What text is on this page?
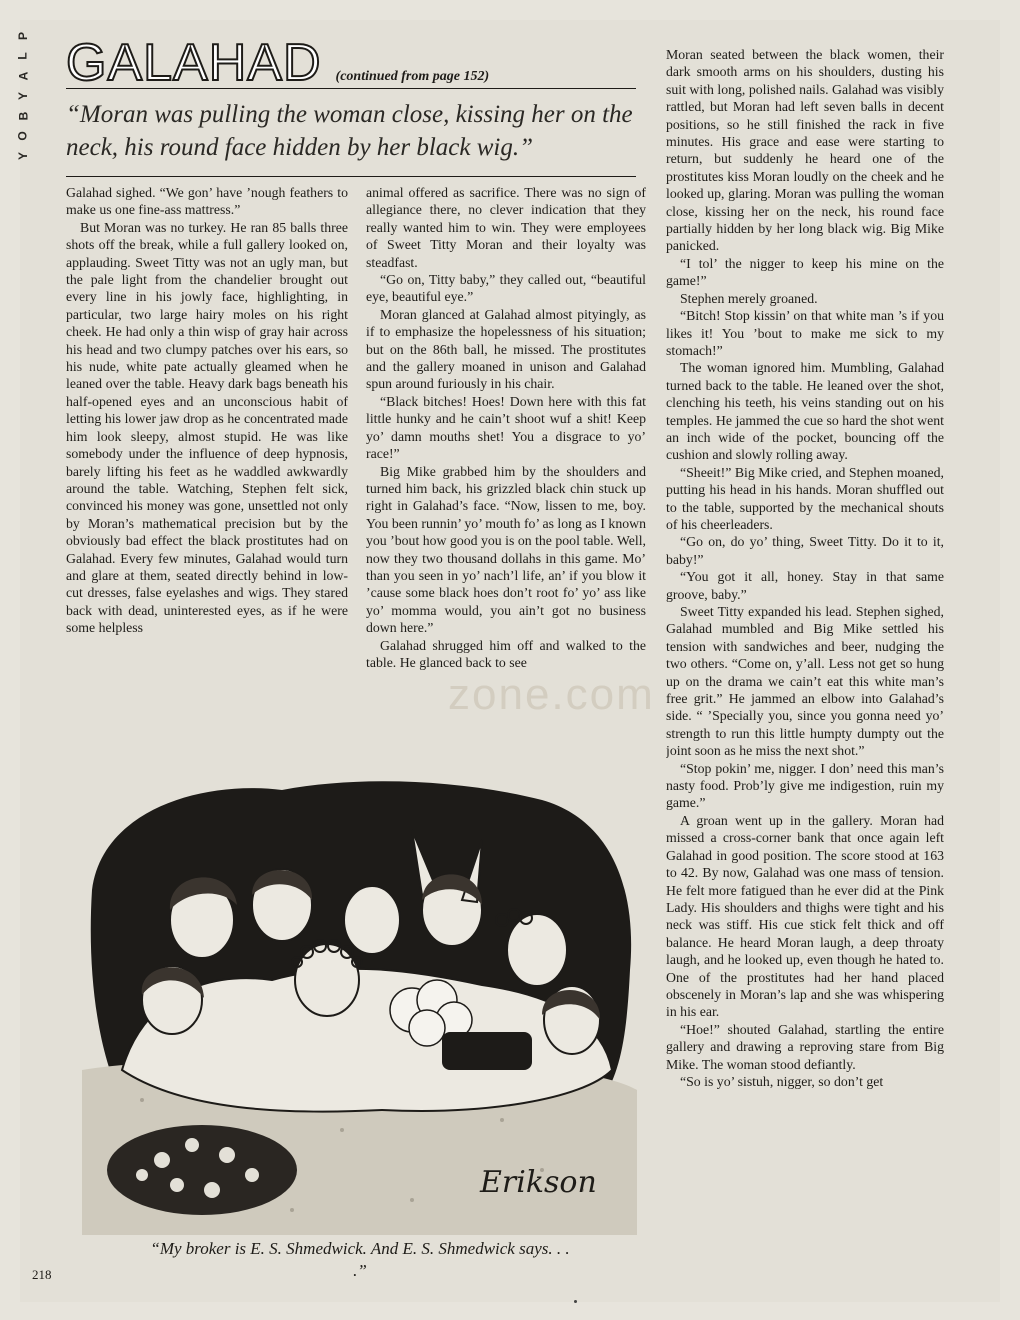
P
L
A
Y
B
O
Y
GALAHAD (continued from page 152)
“Moran was pulling the woman close, kissing her on the neck, his round face hidden by her black wig.”

Galahad sighed. “We gon’ have ’nough feathers to make us one fine-ass mattress.”

But Moran was no turkey. He ran 85 balls three shots off the break, while a full gallery looked on, applauding. Sweet Titty was not an ugly man, but the pale light from the chandelier brought out every line in his jowly face, highlighting, in particular, two large hairy moles on his right cheek. He had only a thin wisp of gray hair across his head and two clumpy patches over his ears, so his nude, white pate actually gleamed when he leaned over the table. Heavy dark bags beneath his half-opened eyes and an unconscious habit of letting his lower jaw drop as he concentrated made him look sleepy, almost stupid. He was like somebody under the influence of deep hypnosis, barely lifting his feet as he waddled awkwardly around the table. Watching, Stephen felt sick, convinced his money was gone, unsettled not only by Moran’s mathematical precision but by the obviously bad effect the black prostitutes had on Galahad. Every few minutes, Galahad would turn and glare at them, seated directly behind in low-cut dresses, false eyelashes and wigs. They stared back with dead, uninterested eyes, as if he were some helpless

animal offered as sacrifice. There was no sign of allegiance there, no clever indication that they really wanted him to win. They were employees of Sweet Titty Moran and their loyalty was steadfast.

“Go on, Titty baby,” they called out, “beautiful eye, beautiful eye.”

Moran glanced at Galahad almost pityingly, as if to emphasize the hopelessness of his situation; but on the 86th ball, he missed. The prostitutes and the gallery moaned in unison and Galahad spun around furiously in his chair.

“Black bitches! Hoes! Down here with this fat little hunky and he cain’t shoot wuf a shit! Keep yo’ damn mouths shet! You a disgrace to yo’ race!”

Big Mike grabbed him by the shoulders and turned him back, his grizzled black chin stuck up right in Galahad’s face. “Now, lissen to me, boy. You been runnin’ yo’ mouth fo’ as long as I known you ’bout how good you is on the pool table. Well, now they two thousand dollahs in this game. Mo’ than you seen in yo’ nach’l life, an’ if you blow it ’cause some black hoes don’t root fo’ yo’ ass like yo’ momma would, you ain’t got no business down here.”

Galahad shrugged him off and walked to the table. He glanced back to see

Moran seated between the black women, their dark smooth arms on his shoulders, dusting his suit with long, polished nails. Galahad was visibly rattled, but Moran had left seven balls in decent positions, so he still finished the rack in five minutes. His grace and ease were starting to return, but suddenly he heard one of the prostitutes kiss Moran loudly on the cheek and he looked up, glaring. Moran was pulling the woman close, kissing her on the neck, his round face partially hidden by her long black wig. Big Mike panicked.

“I tol’ the nigger to keep his mine on the game!”

Stephen merely groaned.

“Bitch! Stop kissin’ on that white man ’s if you likes it! You ’bout to make me sick to my stomach!”

The woman ignored him. Mumbling, Galahad turned back to the table. He leaned over the shot, clenching his teeth, his veins standing out on his temples. He jammed the cue so hard the shot went an inch wide of the pocket, bouncing off the cushion and slowly rolling away.

“Sheeit!” Big Mike cried, and Stephen moaned, putting his head in his hands. Moran shuffled out to the table, supported by the mechanical shouts of his cheerleaders.

“Go on, do yo’ thing, Sweet Titty. Do it to it, baby!”

“You got it all, honey. Stay in that same groove, baby.”

Sweet Titty expanded his lead. Stephen sighed, Galahad mumbled and Big Mike settled his tension with sandwiches and beer, nudging the two others. “Come on, y’all. Less not get so hung up on the drama we cain’t eat this white man’s free grit.” He jammed an elbow into Galahad’s side. “ ’Specially you, since you gonna need yo’ strength to run this little humpty dumpty out the joint soon as he miss the next shot.”

“Stop pokin’ me, nigger. I don’ need this man’s nasty food. Prob’ly give me indigestion, ruin my game.”

A groan went up in the gallery. Moran had missed a cross-corner bank that once again left Galahad in good position. The score stood at 163 to 42. By now, Galahad was one mass of tension. He felt more fatigued than he ever did at the Pink Lady. His shoulders and thighs were tight and his neck was stiff. His cue stick felt thick and off balance. He heard Moran laugh, a deep throaty laugh, and he looked up, even though he hated to. One of the prostitutes had her hand placed obscenely in Moran’s lap and she was whispering in his ear.

“Hoe!” shouted Galahad, startling the entire gallery and drawing a reproving stare from Big Mike. The woman stood defiantly.

“So is yo’ sistuh, nigger, so don’t get

zone.com
Erikson
“My broker is E. S. Shmedwick. And E. S. Shmedwick says. . . .”
218
